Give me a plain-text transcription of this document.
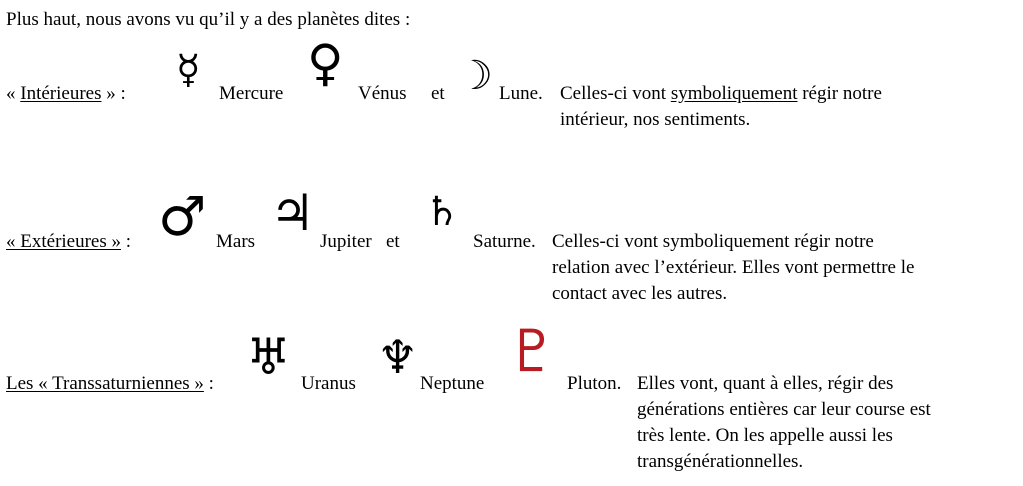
Plus haut, nous avons vu qu’il y a des planètes dites :
« Intérieures » :
☿
Mercure
♀
Vénus et ☽ Lune. Celles-ci vont symboliquement régir notre
intérieur, nos sentiments.
« Extérieures » : ♂ Mars ♃ Jupiter et
♄
Saturne. Celles-ci vont symboliquement régir notre
relation avec l’extérieur. Elles vont permettre le
contact avec les autres.
Les « Transsaturniennes » : ♅ Uranus ♆ Neptune ♇ Pluton. Elles vont, quant à elles, régir des
générations entières car leur course est
très lente. On les appelle aussi les
transgénérationnelles.
